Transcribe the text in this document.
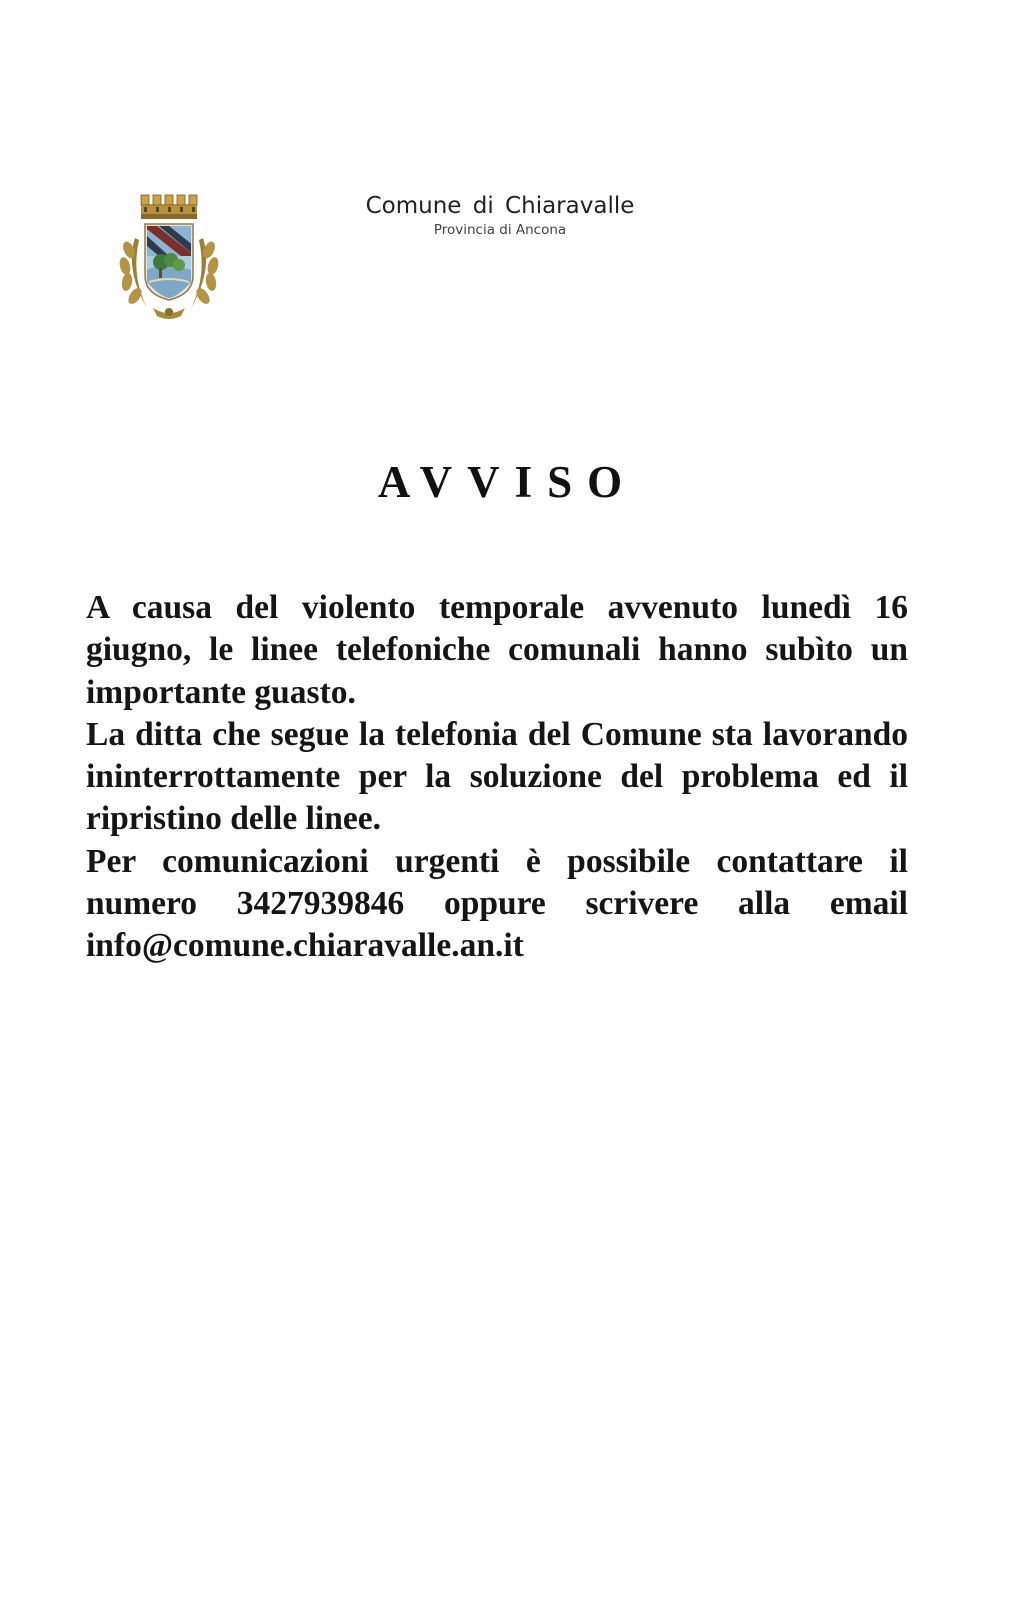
Comune di Chiaravalle
Provincia di Ancona
AVVISO

A causa del violento temporale avvenuto lunedì 16 giugno, le linee telefoniche comunali hanno subìto un importante guasto.

La ditta che segue la telefonia del Comune sta lavorando ininterrottamente per la soluzione del problema ed il ripristino delle linee.

Per comunicazioni urgenti è possibile contattare il numero 3427939846 oppure scrivere alla email info@comune.chiaravalle.an.it
